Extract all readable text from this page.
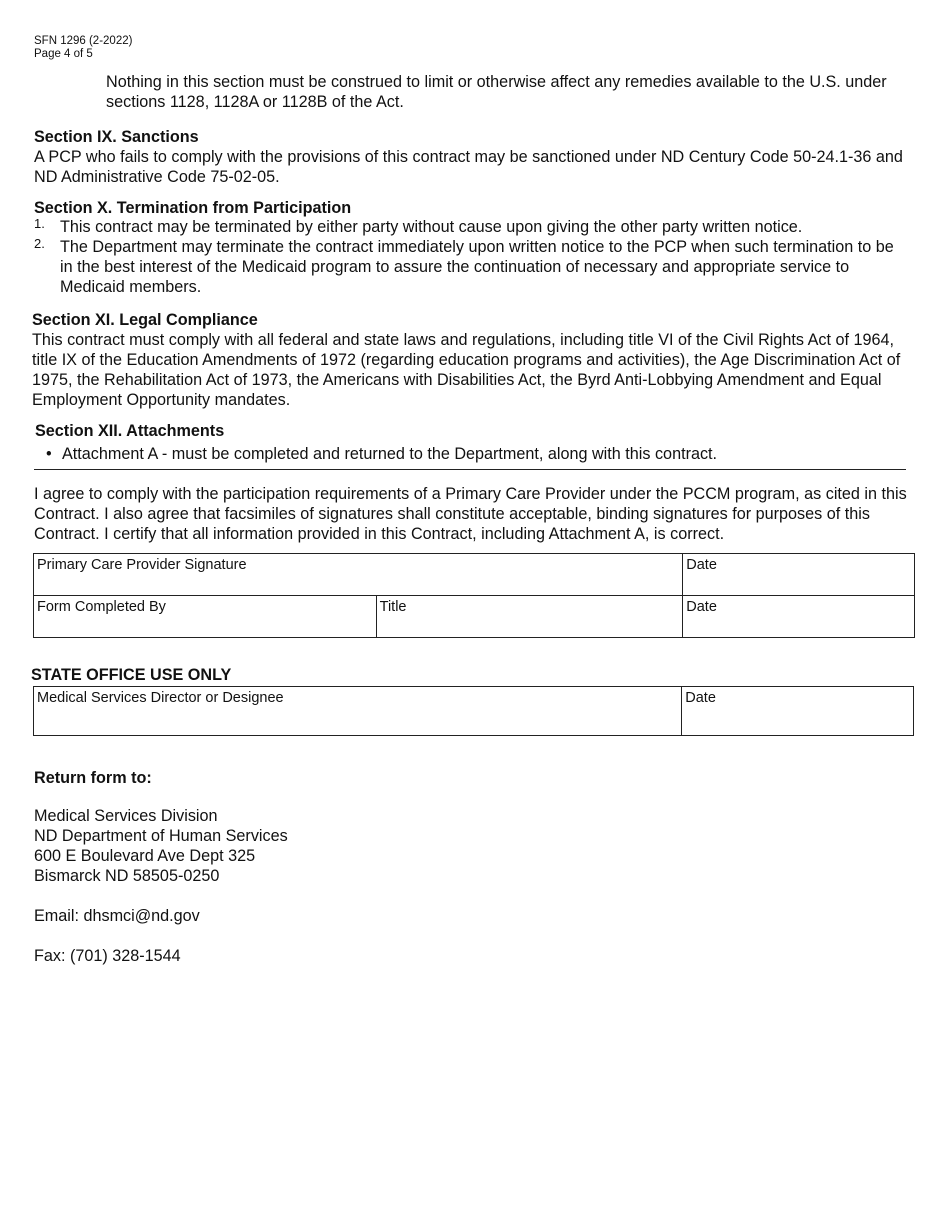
SFN 1296 (2-2022)
Page 4 of 5
Nothing in this section must be construed to limit or otherwise affect any remedies available to the U.S. under sections 1128, 1128A or 1128B of the Act.
Section IX. Sanctions
A PCP who fails to comply with the provisions of this contract may be sanctioned under ND Century Code 50-24.1-36 and ND Administrative Code 75-02-05.
Section X. Termination from Participation
1. This contract may be terminated by either party without cause upon giving the other party written notice.
2. The Department may terminate the contract immediately upon written notice to the PCP when such termination to be in the best interest of the Medicaid program to assure the continuation of necessary and appropriate service to Medicaid members.
Section XI. Legal Compliance
This contract must comply with all federal and state laws and regulations, including title VI of the Civil Rights Act of 1964, title IX of the Education Amendments of 1972 (regarding education programs and activities), the Age Discrimination Act of 1975, the Rehabilitation Act of 1973, the Americans with Disabilities Act, the Byrd Anti-Lobbying Amendment and Equal Employment Opportunity mandates.
Section XII. Attachments
• Attachment A - must be completed and returned to the Department, along with this contract.
I agree to comply with the participation requirements of a Primary Care Provider under the PCCM program, as cited in this Contract. I also agree that facsimiles of signatures shall constitute acceptable, binding signatures for purposes of this Contract. I certify that all information provided in this Contract, including Attachment A, is correct.
Primary Care Provider Signature		Date
Form Completed By	Title	Date
STATE OFFICE USE ONLY
Medical Services Director or Designee	Date
Return form to:
Medical Services Division
ND Department of Human Services
600 E Boulevard Ave Dept 325
Bismarck ND 58505-0250
Email: dhsmci@nd.gov
Fax: (701) 328-1544
